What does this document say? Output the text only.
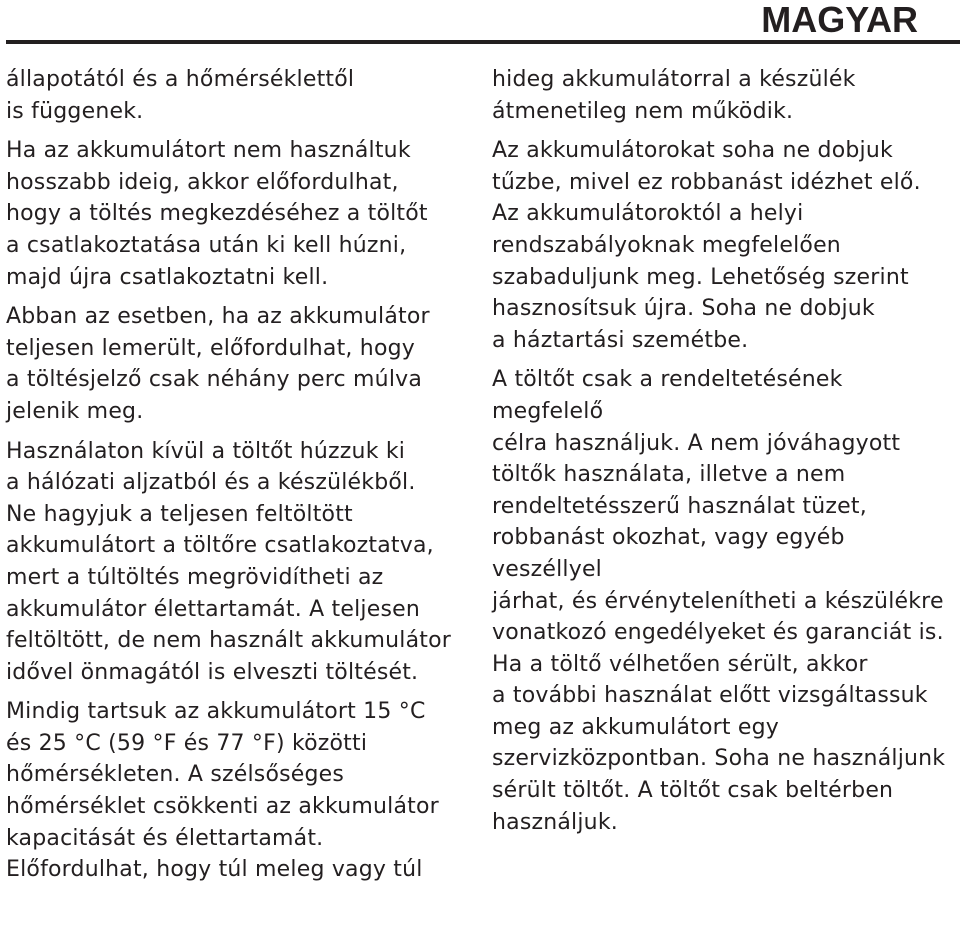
MAGYAR

állapotától és a hőmérséklettől
is függenek.

Ha az akkumulátort nem használtuk
hosszabb ideig, akkor előfordulhat,
hogy a töltés megkezdéséhez a töltőt
a csatlakoztatása után ki kell húzni,
majd újra csatlakoztatni kell.

Abban az esetben, ha az akkumulátor
teljesen lemerült, előfordulhat, hogy
a töltésjelző csak néhány perc múlva
jelenik meg.

Használaton kívül a töltőt húzzuk ki
a hálózati aljzatból és a készülékből.
Ne hagyjuk a teljesen feltöltött
akkumulátort a töltőre csatlakoztatva,
mert a túltöltés megrövidítheti az
akkumulátor élettartamát. A teljesen
feltöltött, de nem használt akkumulátor
idővel önmagától is elveszti töltését.

Mindig tartsuk az akkumulátort 15 °C
és 25 °C (59 °F és 77 °F) közötti
hőmérsékleten. A szélsőséges
hőmérséklet csökkenti az akkumulátor
kapacitását és élettartamát.
Előfordulhat, hogy túl meleg vagy túl

hideg akkumulátorral a készülék
átmenetileg nem működik.

Az akkumulátorokat soha ne dobjuk
tűzbe, mivel ez robbanást idézhet elő.
Az akkumulátoroktól a helyi
rendszabályoknak megfelelően
szabaduljunk meg. Lehetőség szerint
hasznosítsuk újra. Soha ne dobjuk
a háztartási szemétbe.

A töltőt csak a rendeltetésének megfelelő
célra használjuk. A nem jóváhagyott
töltők használata, illetve a nem
rendeltetésszerű használat tüzet,
robbanást okozhat, vagy egyéb veszéllyel
járhat, és érvénytelenítheti a készülékre
vonatkozó engedélyeket és garanciát is.
Ha a töltő vélhetően sérült, akkor
a további használat előtt vizsgáltassuk
meg az akkumulátort egy
szervizközpontban. Soha ne használjunk
sérült töltőt. A töltőt csak beltérben
használjuk.
